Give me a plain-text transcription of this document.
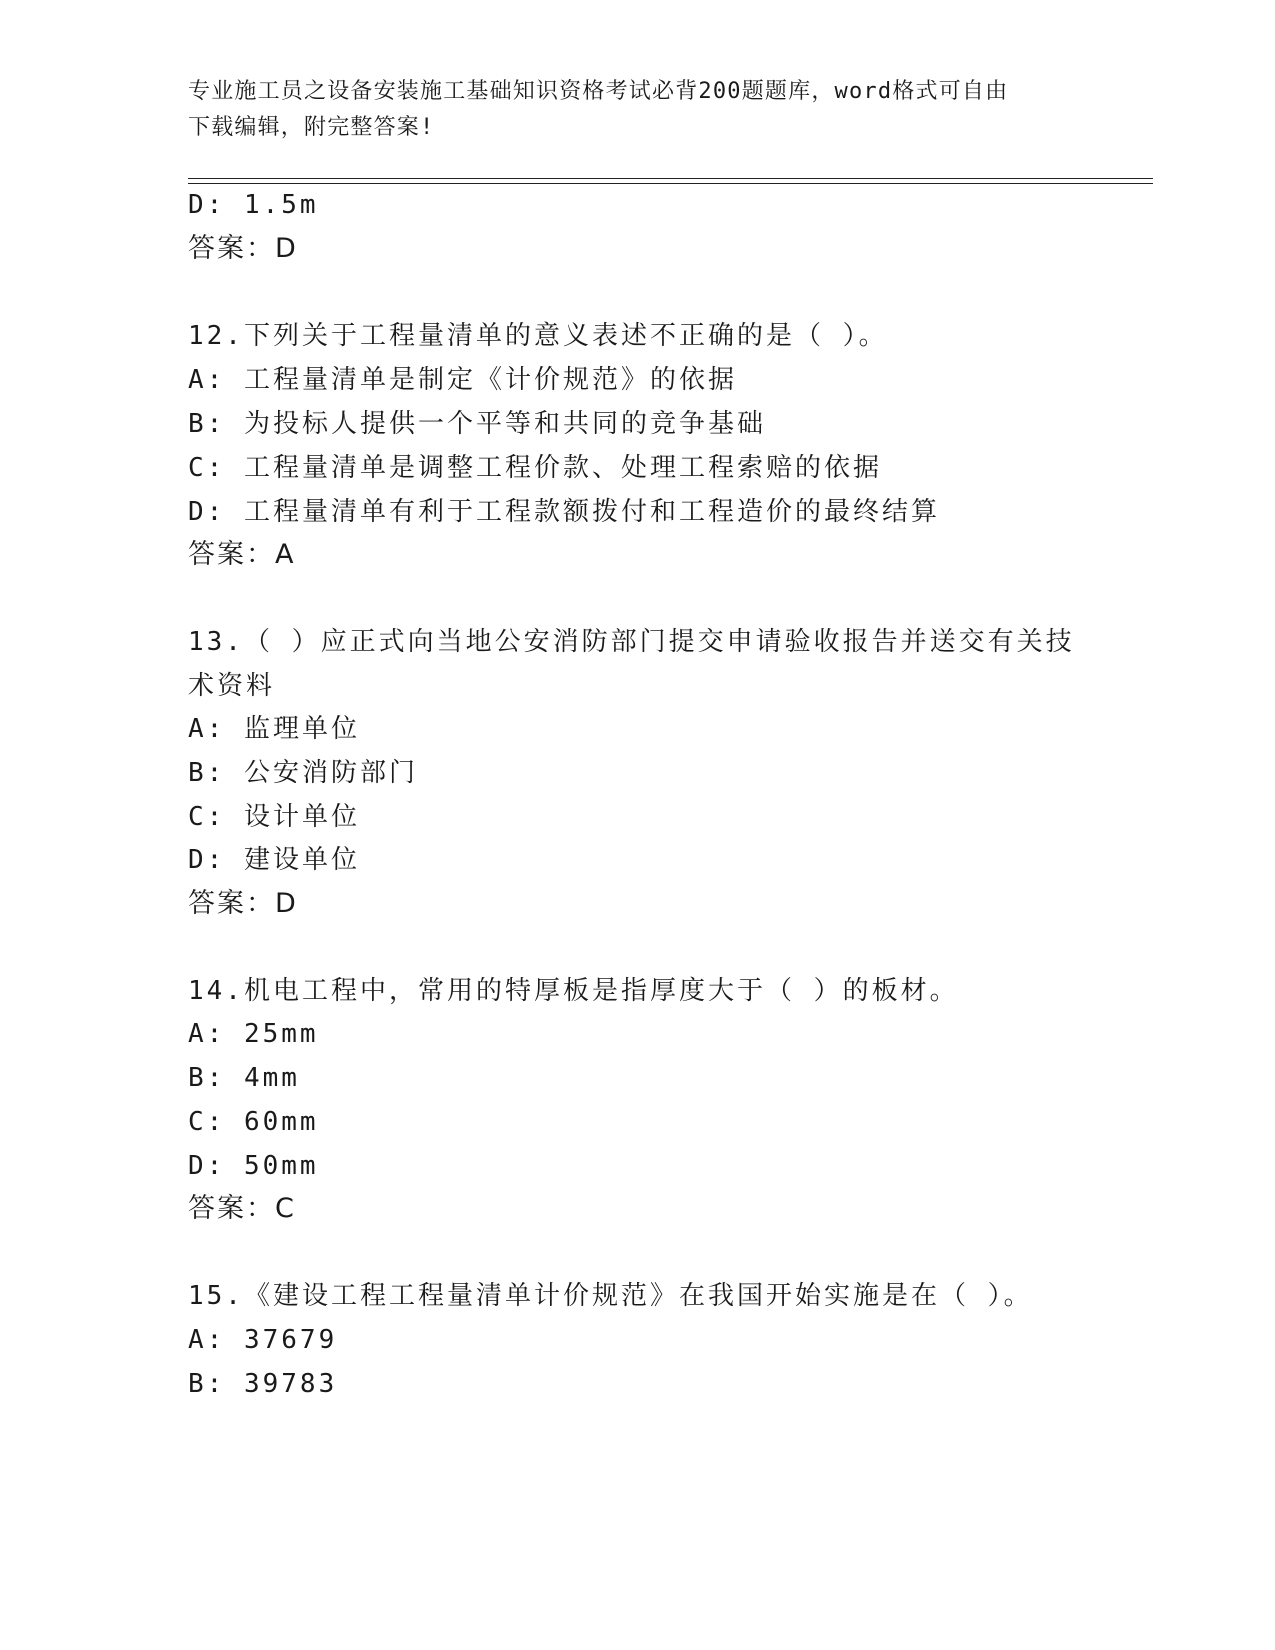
专业施工员之设备安装施工基础知识资格考试必背200题题库，word格式可自由
下载编辑，附完整答案!
D: 1.5m
答案：D
12.下列关于工程量清单的意义表述不正确的是（ ）。
A: 工程量清单是制定《计价规范》的依据
B: 为投标人提供一个平等和共同的竞争基础
C: 工程量清单是调整工程价款、处理工程索赔的依据
D: 工程量清单有利于工程款额拨付和工程造价的最终结算
答案：A
13.（ ）应正式向当地公安消防部门提交申请验收报告并送交有关技
术资料
A: 监理单位
B: 公安消防部门
C: 设计单位
D: 建设单位
答案：D
14.机电工程中，常用的特厚板是指厚度大于（ ）的板材。
A: 25mm
B: 4mm
C: 60mm
D: 50mm
答案：C
15.《建设工程工程量清单计价规范》在我国开始实施是在（ ）。
A: 37679
B: 39783
